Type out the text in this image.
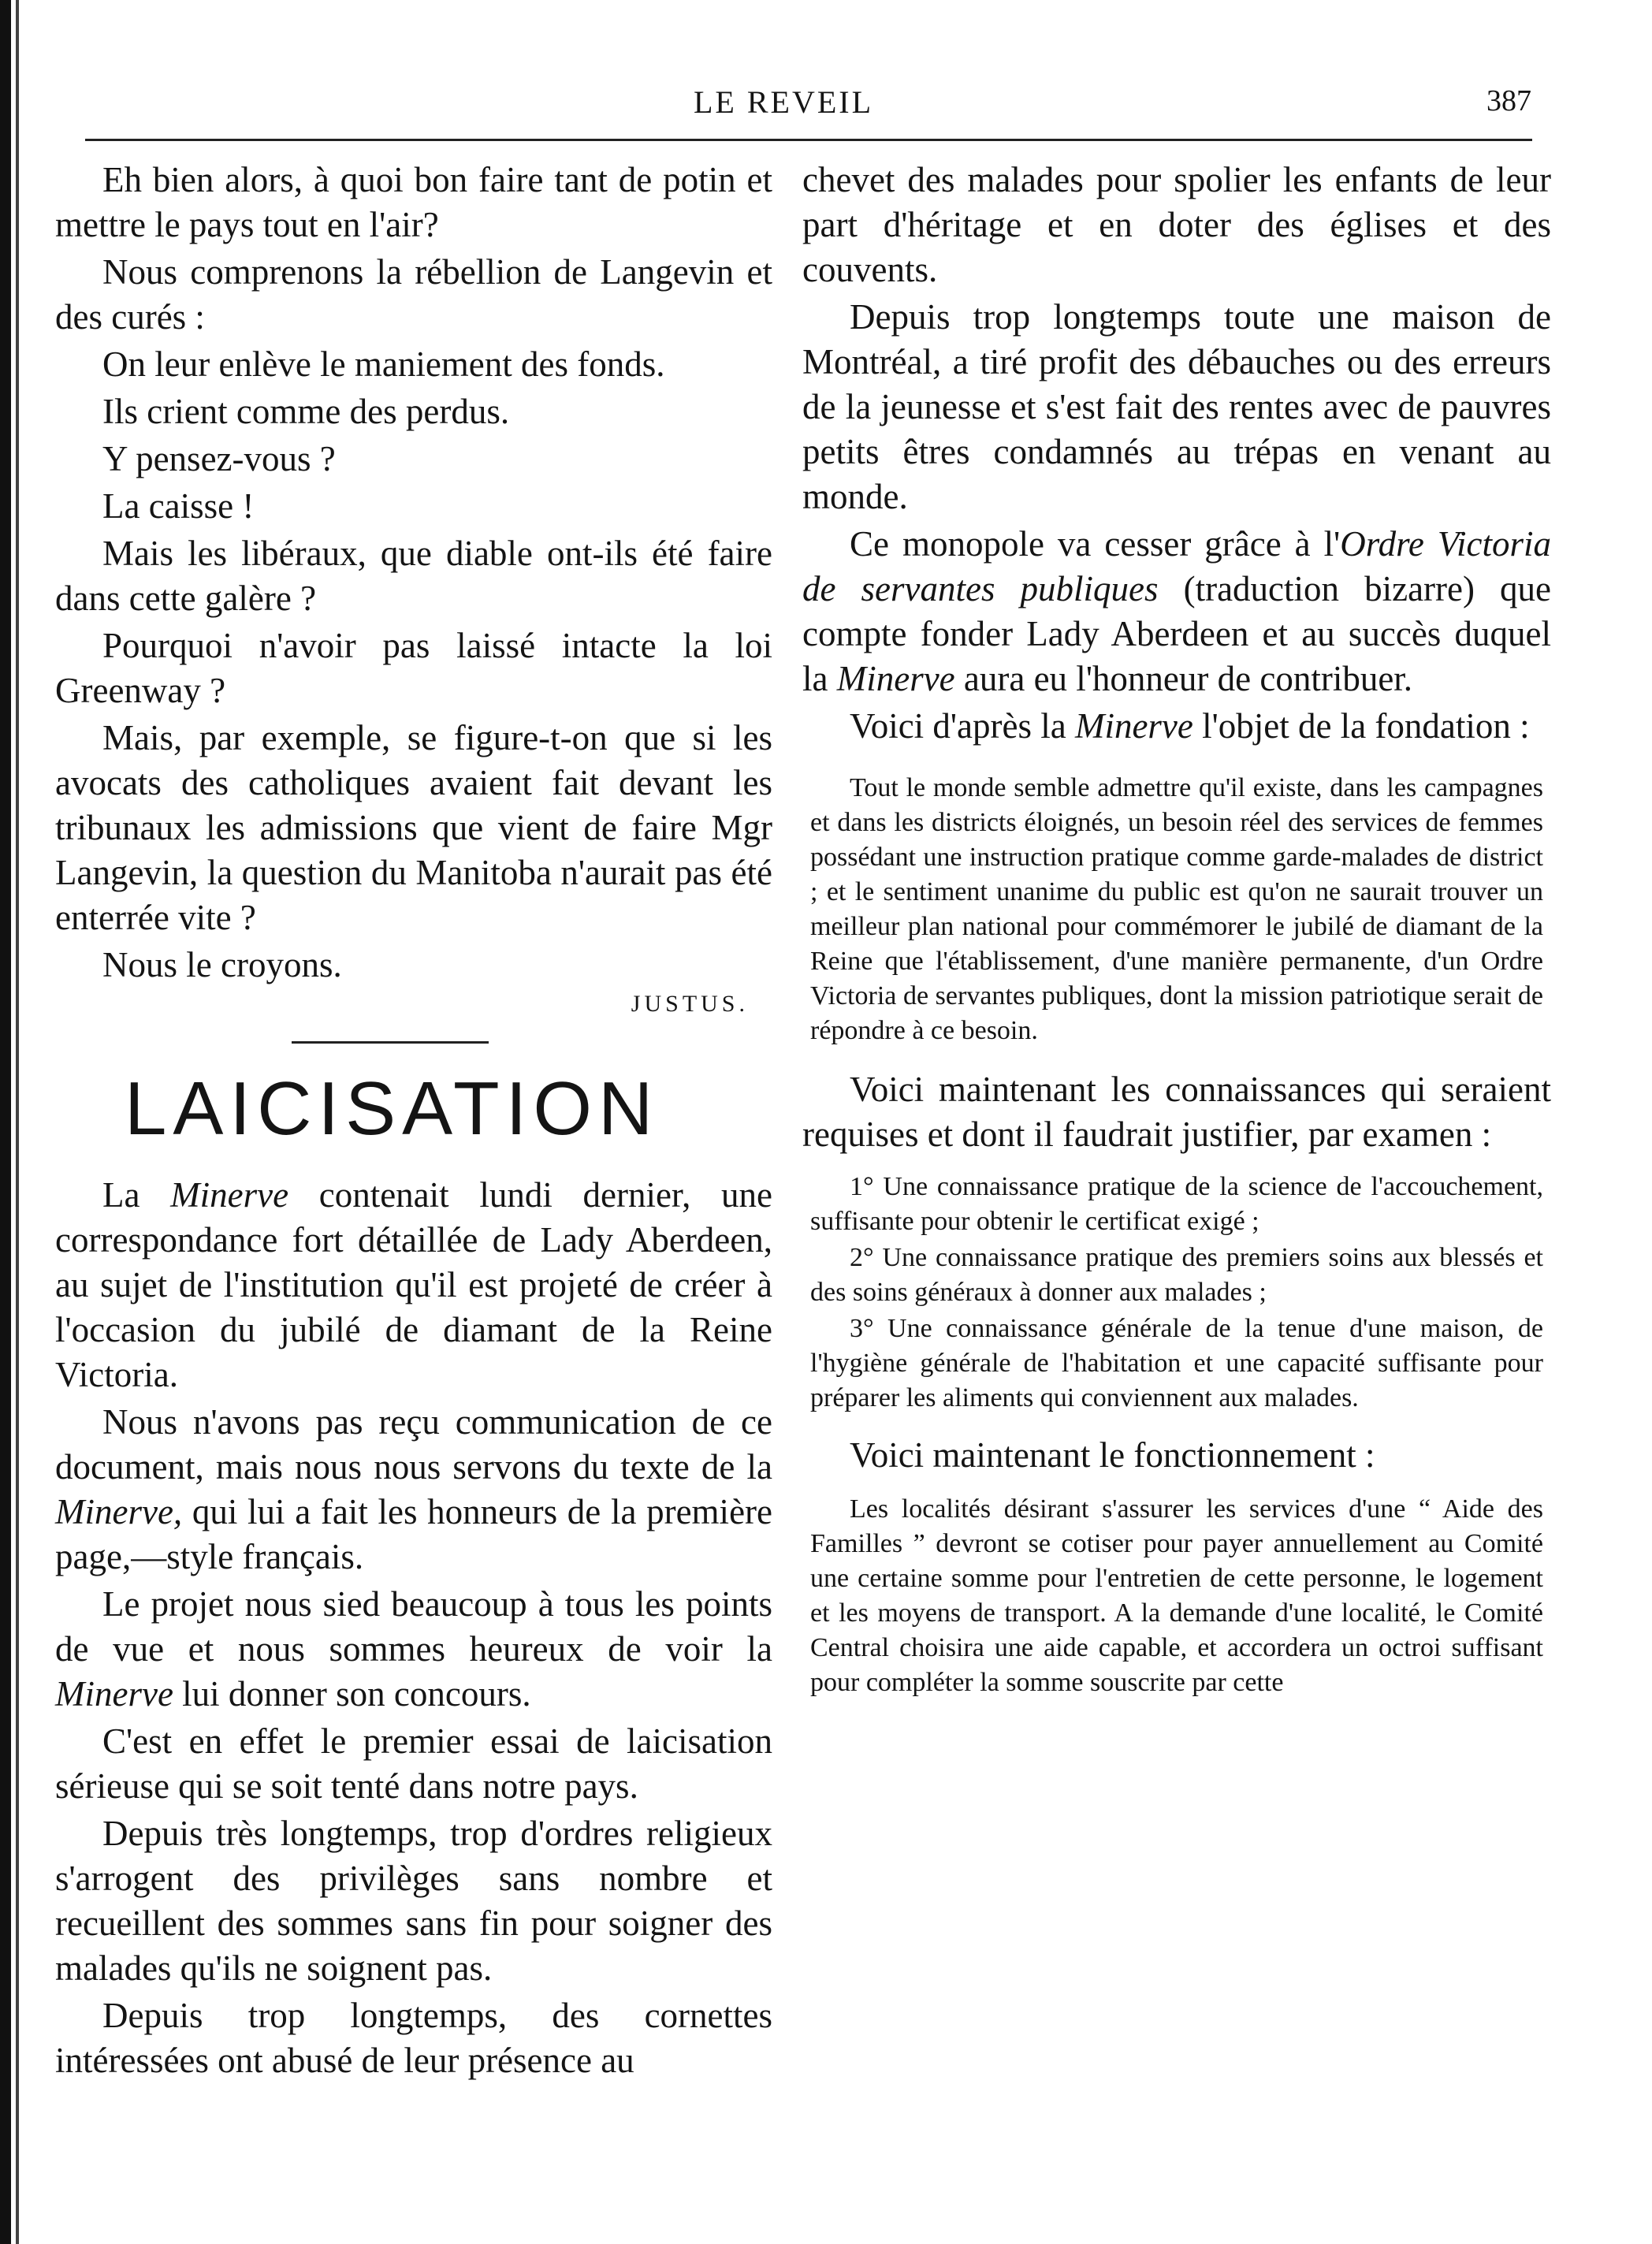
LE REVEIL	387

Eh bien alors, à quoi bon faire tant de potin et mettre le pays tout en l'air?

Nous comprenons la rébellion de Langevin et des curés :

On leur enlève le maniement des fonds.

Ils crient comme des perdus.

Y pensez-vous ?

La caisse !

Mais les libéraux, que diable ont-ils été faire dans cette galère ?

Pourquoi n'avoir pas laissé intacte la loi Greenway ?

Mais, par exemple, se figure-t-on que si les avocats des catholiques avaient fait devant les tribunaux les admissions que vient de faire Mgr Langevin, la question du Manitoba n'aurait pas été enterrée vite ?

Nous le croyons.

JUSTUS.
LAICISATION

La Minerve contenait lundi dernier, une correspondance fort détaillée de Lady Aberdeen, au sujet de l'institution qu'il est projeté de créer à l'occasion du jubilé de diamant de la Reine Victoria.

Nous n'avons pas reçu communication de ce document, mais nous nous servons du texte de la Minerve, qui lui a fait les honneurs de la première page,—style français.

Le projet nous sied beaucoup à tous les points de vue et nous sommes heureux de voir la Minerve lui donner son concours.

C'est en effet le premier essai de laicisation sérieuse qui se soit tenté dans notre pays.

Depuis très longtemps, trop d'ordres religieux s'arrogent des privilèges sans nombre et recueillent des sommes sans fin pour soigner des malades qu'ils ne soignent pas.

Depuis trop longtemps, des cornettes intéressées ont abusé de leur présence au

chevet des malades pour spolier les enfants de leur part d'héritage et en doter des églises et des couvents.

Depuis trop longtemps toute une maison de Montréal, a tiré profit des débauches ou des erreurs de la jeunesse et s'est fait des rentes avec de pauvres petits êtres condamnés au trépas en venant au monde.

Ce monopole va cesser grâce à l'Ordre Victoria de servantes publiques (traduction bizarre) que compte fonder Lady Aberdeen et au succès duquel la Minerve aura eu l'honneur de contribuer.

Voici d'après la Minerve l'objet de la fondation :

Tout le monde semble admettre qu'il existe, dans les campagnes et dans les districts éloignés, un besoin réel des services de femmes possédant une instruction pratique comme garde-malades de district ; et le sentiment unanime du public est qu'on ne saurait trouver un meilleur plan national pour commémorer le jubilé de diamant de la Reine que l'établissement, d'une manière permanente, d'un Ordre Victoria de servantes publiques, dont la mission patriotique serait de répondre à ce besoin.

Voici maintenant les connaissances qui seraient requises et dont il faudrait justifier, par examen :

1° Une connaissance pratique de la science de l'accouchement, suffisante pour obtenir le certificat exigé ;

2° Une connaissance pratique des premiers soins aux blessés et des soins généraux à donner aux malades ;

3° Une connaissance générale de la tenue d'une maison, de l'hygiène générale de l'habitation et une capacité suffisante pour préparer les aliments qui conviennent aux malades.

Voici maintenant le fonctionnement :

Les localités désirant s'assurer les services d'une “ Aide des Familles ” devront se cotiser pour payer annuellement au Comité une certaine somme pour l'entretien de cette personne, le logement et les moyens de transport. A la demande d'une localité, le Comité Central choisira une aide capable, et accordera un octroi suffisant pour compléter la somme souscrite par cette
